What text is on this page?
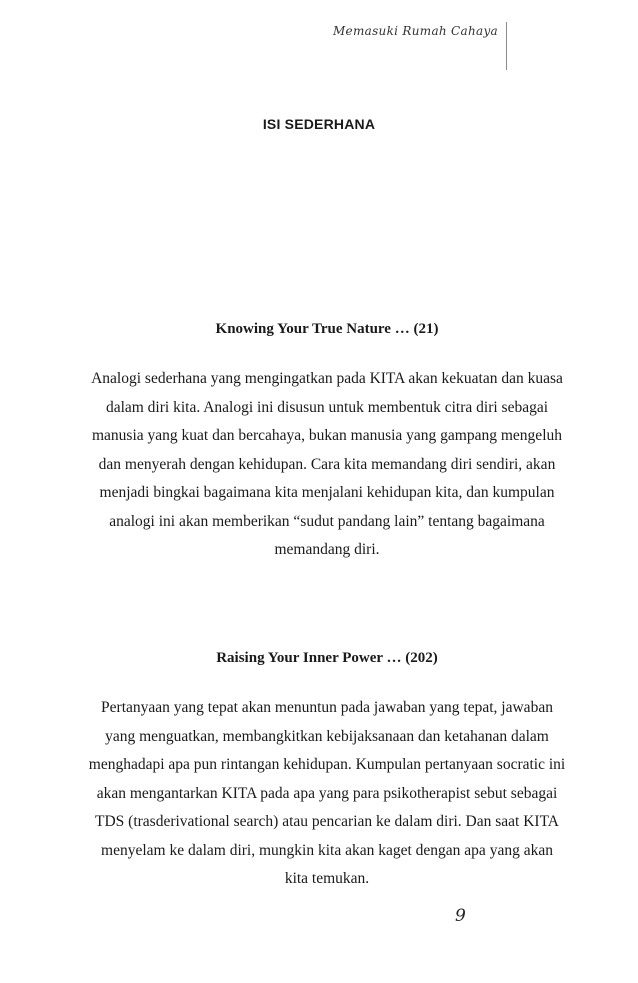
Memasuki Rumah Cahaya
ISI SEDERHANA

Knowing Your True Nature … (21)

Analogi sederhana yang mengingatkan pada KITA akan kekuatan dan kuasa dalam diri kita. Analogi ini disusun untuk membentuk citra diri sebagai manusia yang kuat dan bercahaya, bukan manusia yang gampang mengeluh dan menyerah dengan kehidupan. Cara kita memandang diri sendiri, akan menjadi bingkai bagaimana kita menjalani kehidupan kita, dan kumpulan analogi ini akan memberikan “sudut pandang lain” tentang bagaimana memandang diri.

Raising Your Inner Power … (202)

Pertanyaan yang tepat akan menuntun pada jawaban yang tepat, jawaban yang menguatkan, membangkitkan kebijaksanaan dan ketahanan dalam menghadapi apa pun rintangan kehidupan. Kumpulan pertanyaan socratic ini akan mengantarkan KITA pada apa yang para psikotherapist sebut sebagai TDS (trasderivational search) atau pencarian ke dalam diri. Dan saat KITA menyelam ke dalam diri, mungkin kita akan kaget dengan apa yang akan kita temukan.

9
